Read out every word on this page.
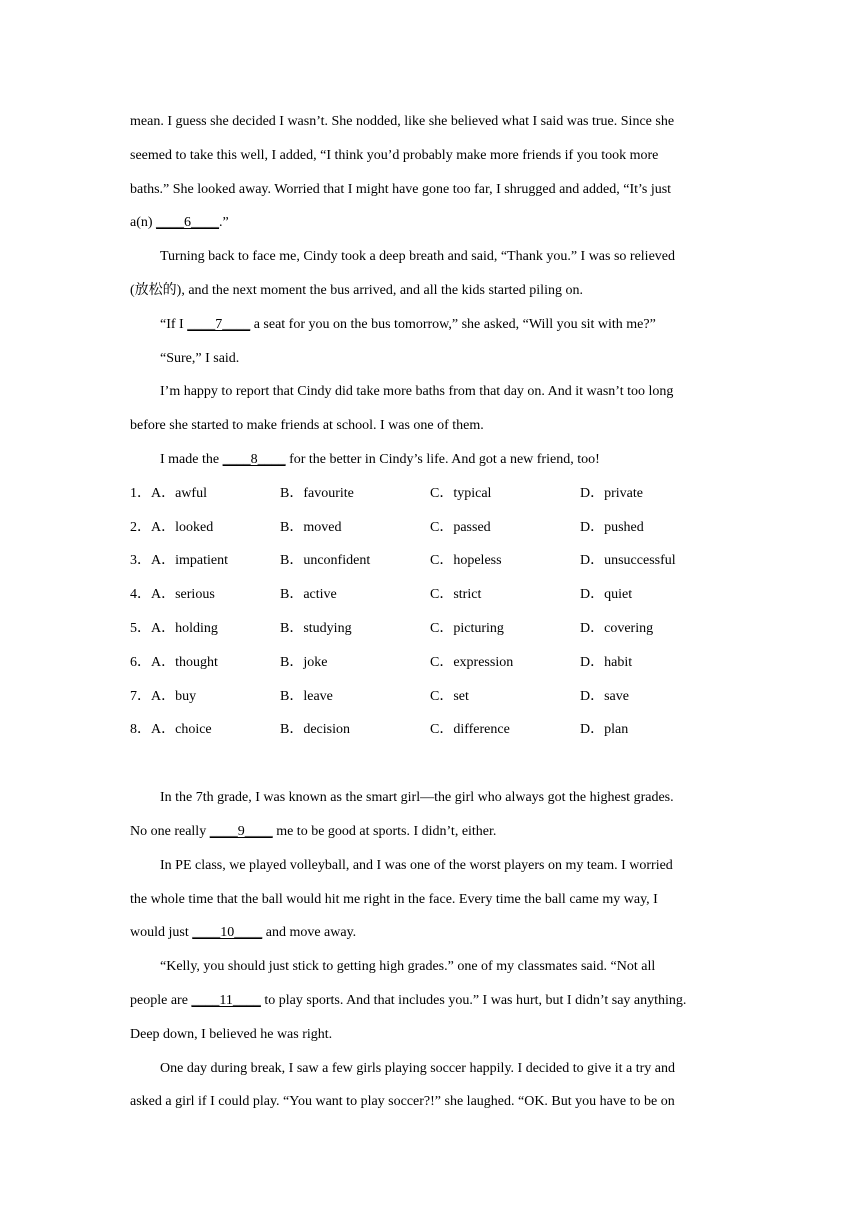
mean. I guess she decided I wasn’t. She nodded, like she believed what I said was true. Since she
seemed to take this well, I added, “I think you’d probably make more friends if you took more
baths.” She looked away. Worried that I might have gone too far, I shrugged and added, “It’s just
a(n) ____6____.”
Turning back to face me, Cindy took a deep breath and said, “Thank you.” I was so relieved
(放松的), and the next moment the bus arrived, and all the kids started piling on.
“If I ____7____ a seat for you on the bus tomorrow,” she asked, “Will you sit with me?”
“Sure,” I said.
I’m happy to report that Cindy did take more baths from that day on. And it wasn’t too long
before she started to make friends at school. I was one of them.
I made the ____8____ for the better in Cindy’s life. And got a new friend, too!
1．A．awful	B．favourite	C．typical	D．private
2．A．looked	B．moved	C．passed	D．pushed
3．A．impatient	B．unconfident	C．hopeless	D．unsuccessful
4．A．serious	B．active	C．strict	D．quiet
5．A．holding	B．studying	C．picturing	D．covering
6．A．thought	B．joke	C．expression	D．habit
7．A．buy	B．leave	C．set	D．save
8．A．choice	B．decision	C．difference	D．plan
In the 7th grade, I was known as the smart girl—the girl who always got the highest grades.
No one really ____9____ me to be good at sports. I didn’t, either.
In PE class, we played volleyball, and I was one of the worst players on my team. I worried
the whole time that the ball would hit me right in the face. Every time the ball came my way, I
would just ____10____ and move away.
“Kelly, you should just stick to getting high grades.” one of my classmates said. “Not all
people are ____11____ to play sports. And that includes you.” I was hurt, but I didn’t say anything.
Deep down, I believed he was right.
One day during break, I saw a few girls playing soccer happily. I decided to give it a try and
asked a girl if I could play. “You want to play soccer?!” she laughed. “OK. But you have to be on
